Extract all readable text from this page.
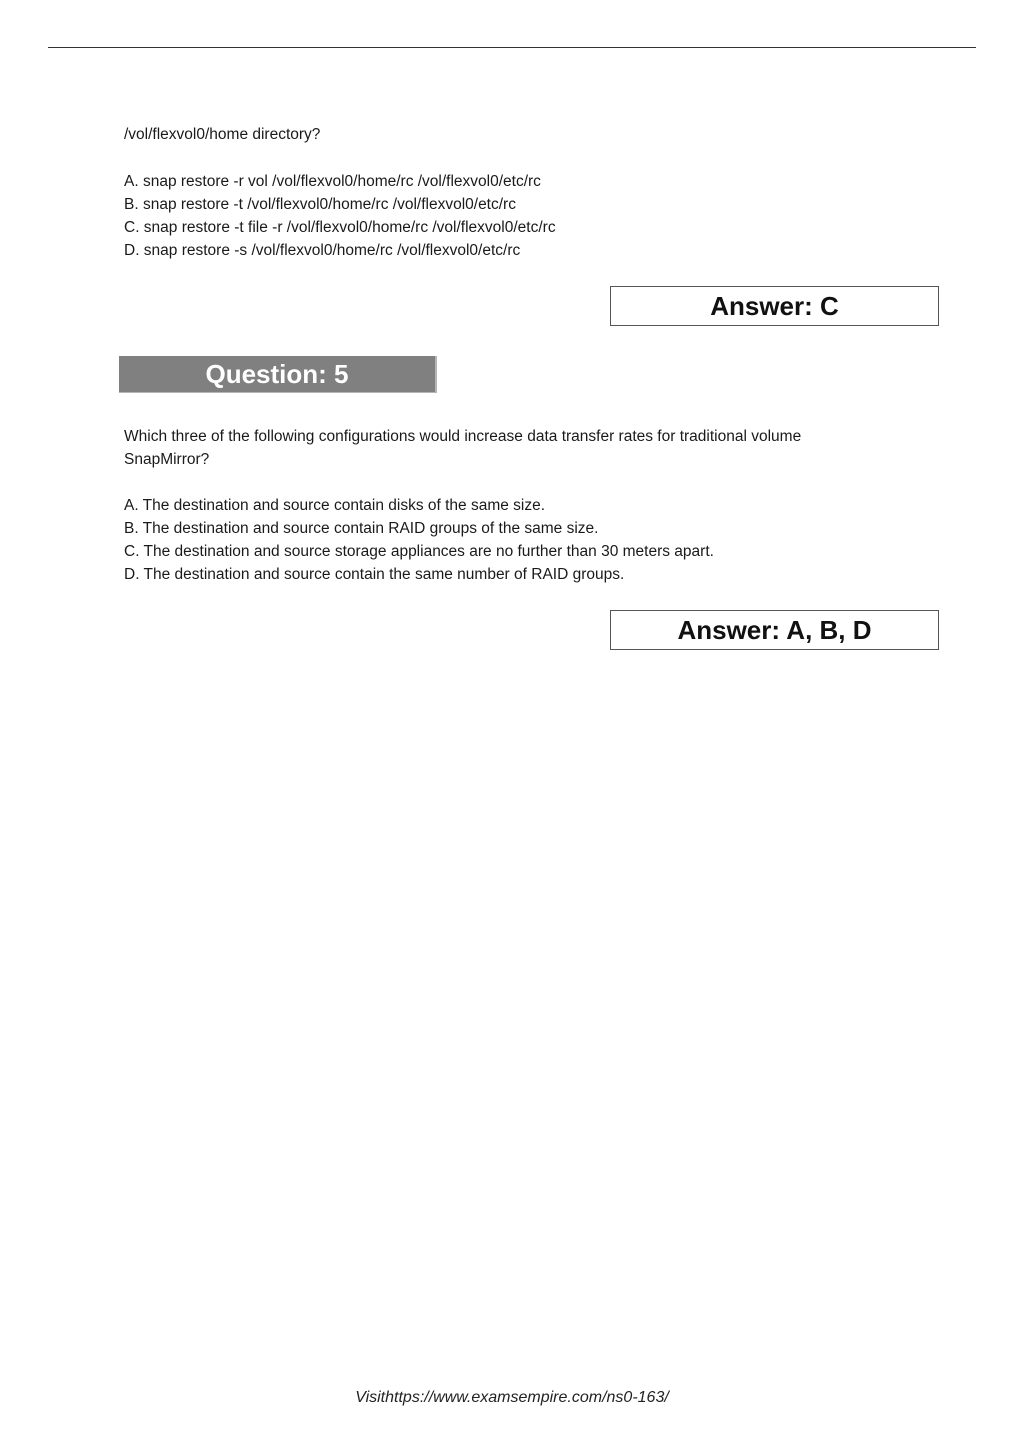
/vol/flexvol0/home directory?
A. snap restore -r vol /vol/flexvol0/home/rc /vol/flexvol0/etc/rc
B. snap restore -t /vol/flexvol0/home/rc /vol/flexvol0/etc/rc
C. snap restore -t file -r /vol/flexvol0/home/rc /vol/flexvol0/etc/rc
D. snap restore -s /vol/flexvol0/home/rc /vol/flexvol0/etc/rc
Answer: C
Question: 5
Which three of the following configurations would increase data transfer rates for traditional volume
SnapMirror?
A. The destination and source contain disks of the same size.
B. The destination and source contain RAID groups of the same size.
C. The destination and source storage appliances are no further than 30 meters apart.
D. The destination and source contain the same number of RAID groups.
Answer: A, B, D
Visithttps://www.examsempire.com/ns0-163/
